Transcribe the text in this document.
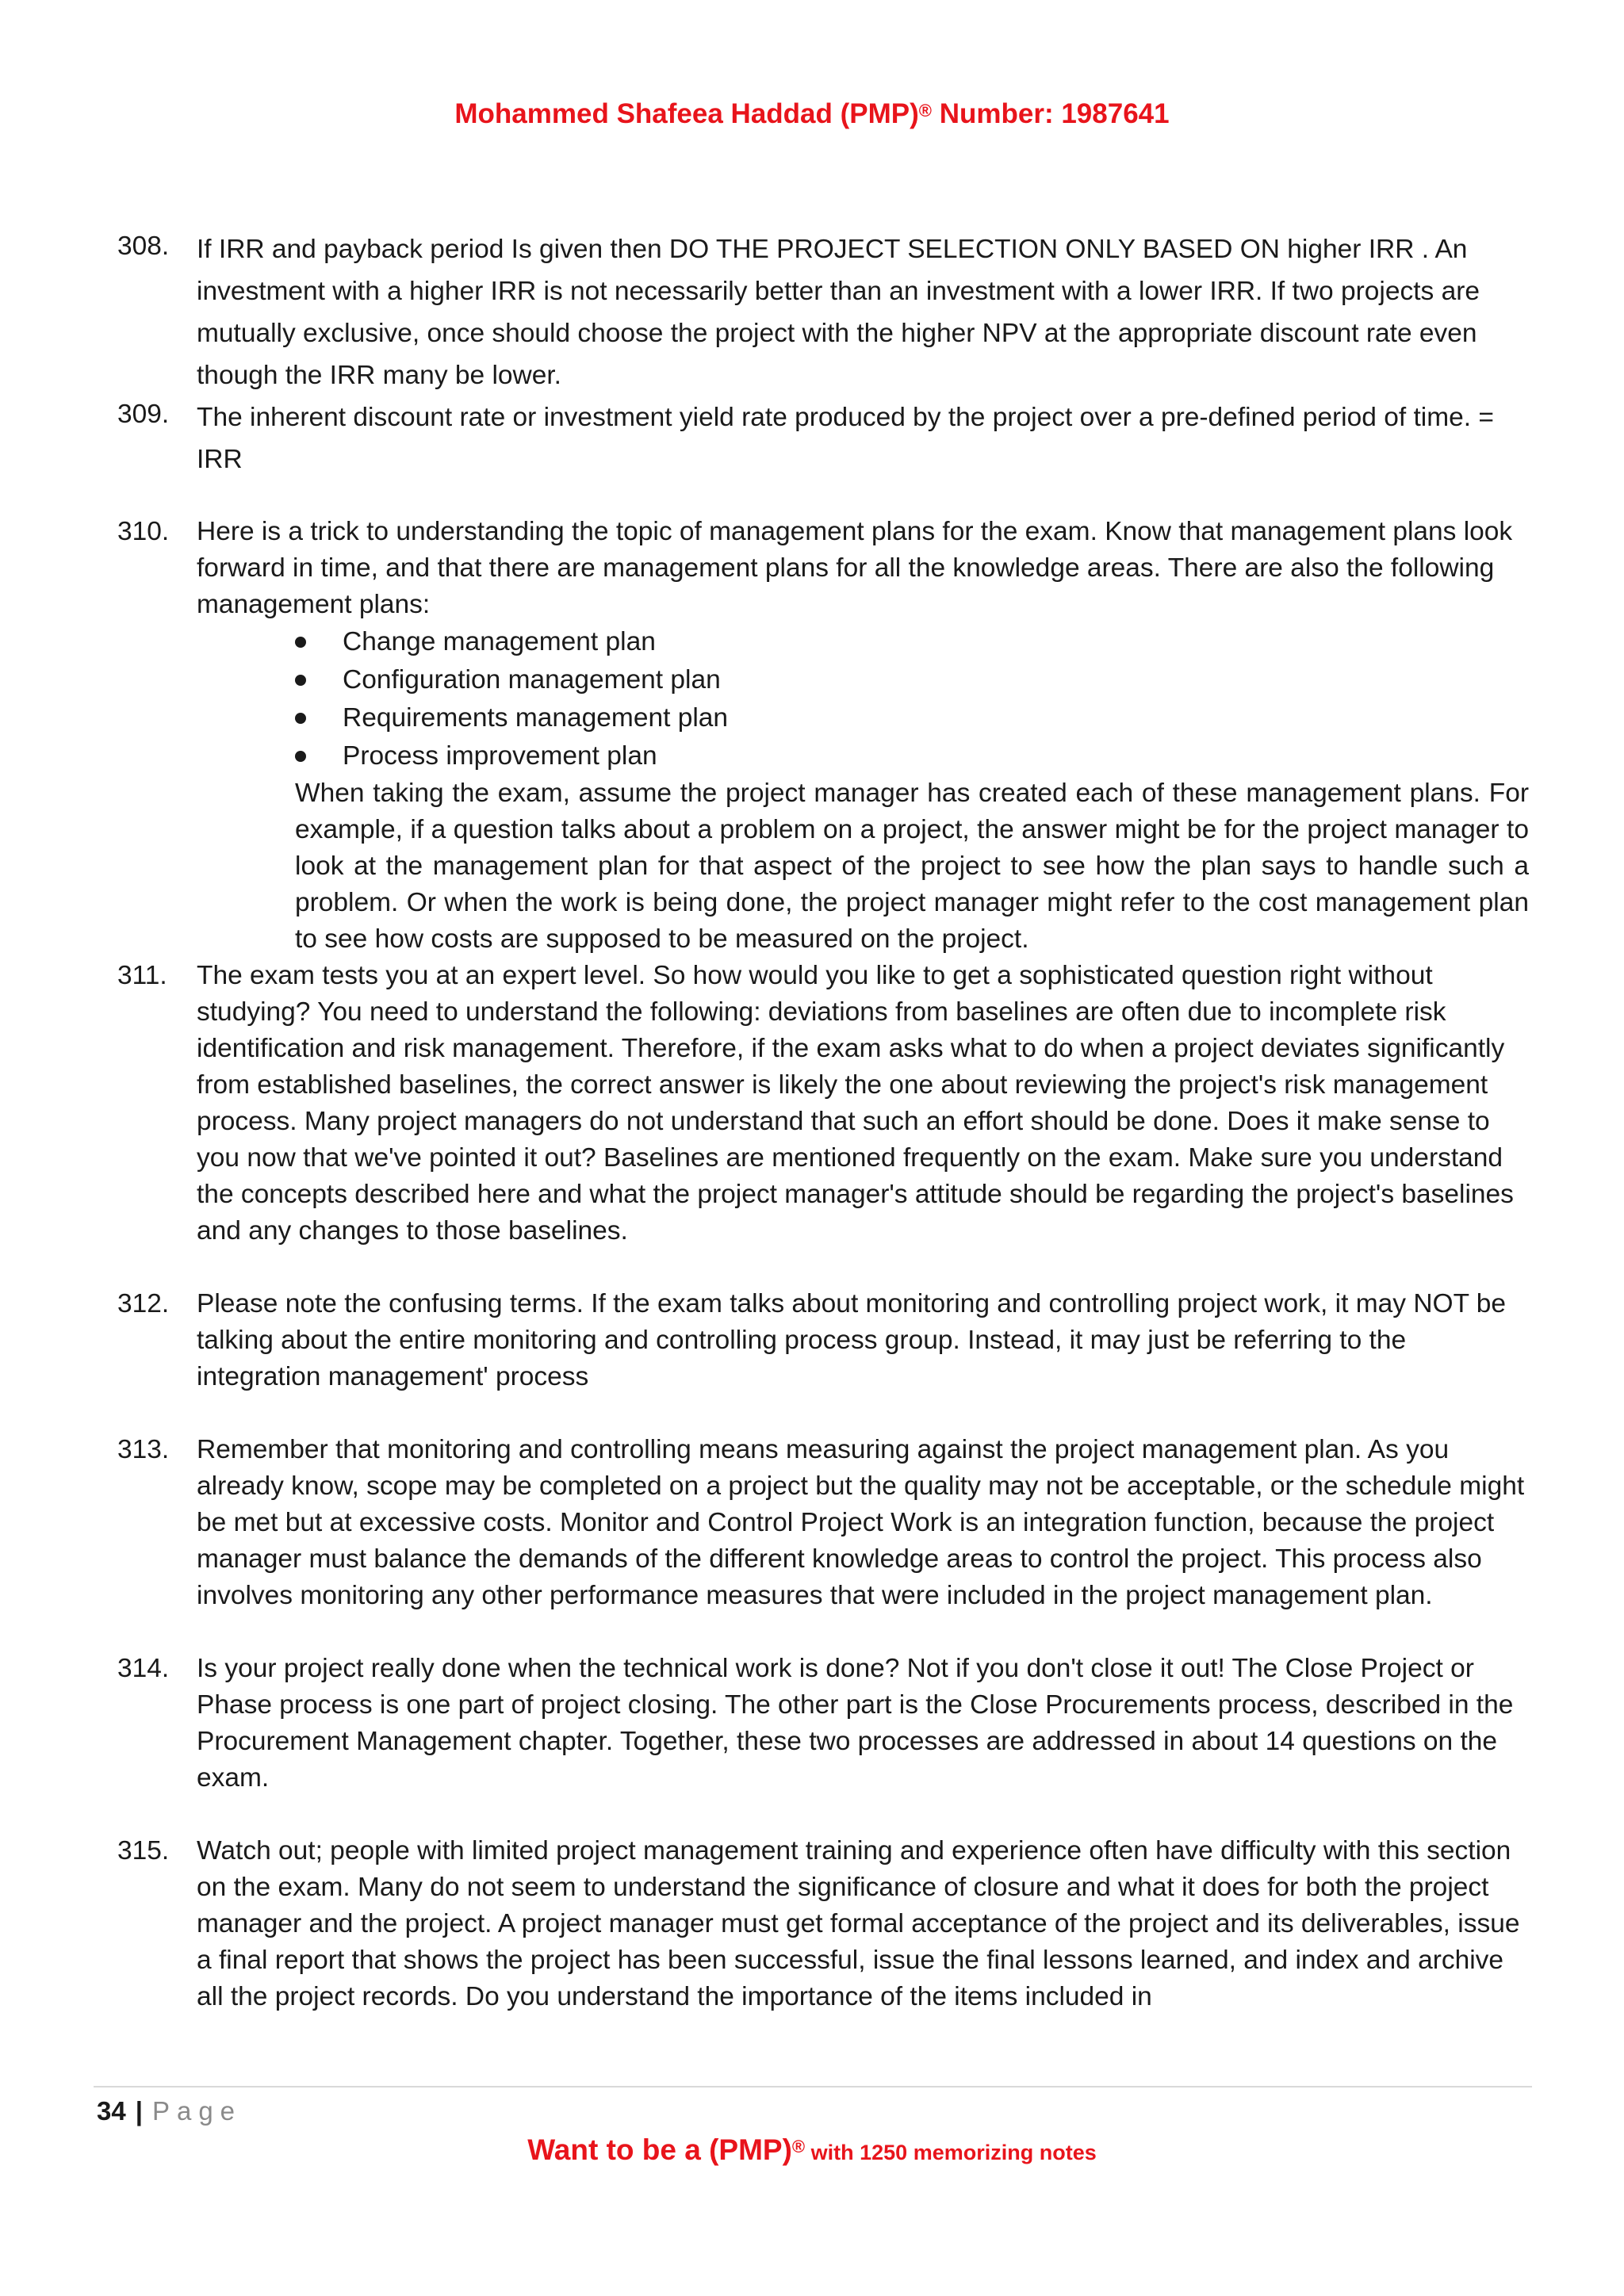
Mohammed Shafeea Haddad (PMP)® Number: 1987641
308. If IRR and payback period Is given then DO THE PROJECT SELECTION ONLY BASED ON higher IRR . An investment with a higher IRR is not necessarily better than an investment with a lower IRR. If two projects are mutually exclusive, once should choose the project with the higher NPV at the appropriate discount rate even though the IRR many be lower.

309. The inherent discount rate or investment yield rate produced by the project over a pre-defined period of time. = IRR

310. Here is a trick to understanding the topic of management plans for the exam. Know that management plans look forward in time, and that there are management plans for all the knowledge areas. There are also the following management plans:

Change management plan
Configuration management plan
Requirements management plan
Process improvement plan

When taking the exam, assume the project manager has created each of these management plans. For example, if a question talks about a problem on a project, the answer might be for the project manager to look at the management plan for that aspect of the project to see how the plan says to handle such a problem. Or when the work is being done, the project manager might refer to the cost management plan to see how costs are supposed to be measured on the project.

311. The exam tests you at an expert level. So how would you like to get a sophisticated question right without studying? You need to understand the following: deviations from baselines are often due to incomplete risk identification and risk management. Therefore, if the exam asks what to do when a project deviates significantly from established baselines, the correct answer is likely the one about reviewing the project's risk management process. Many project managers do not understand that such an effort should be done. Does it make sense to you now that we've pointed it out? Baselines are mentioned frequently on the exam. Make sure you understand the concepts described here and what the project manager's attitude should be regarding the project's baselines and any changes to those baselines.

312. Please note the confusing terms. If the exam talks about monitoring and controlling project work, it may NOT be talking about the entire monitoring and controlling process group. Instead, it may just be referring to the integration management' process

313. Remember that monitoring and controlling means measuring against the project management plan. As you already know, scope may be completed on a project but the quality may not be acceptable, or the schedule might be met but at excessive costs. Monitor and Control Project Work is an integration function, because the project manager must balance the demands of the different knowledge areas to control the project. This process also involves monitoring any other performance measures that were included in the project management plan.

314. Is your project really done when the technical work is done? Not if you don't close it out! The Close Project or Phase process is one part of project closing. The other part is the Close Procurements process, described in the Procurement Management chapter. Together, these two processes are addressed in about 14 questions on the exam.

315. Watch out; people with limited project management training and experience often have difficulty with this section on the exam. Many do not seem to understand the significance of closure and what it does for both the project manager and the project. A project manager must get formal acceptance of the project and its deliverables, issue a final report that shows the project has been successful, issue the final lessons learned, and index and archive all the project records. Do you understand the importance of the items included in

34 | Page
Want to be a (PMP)® with 1250 memorizing notes
